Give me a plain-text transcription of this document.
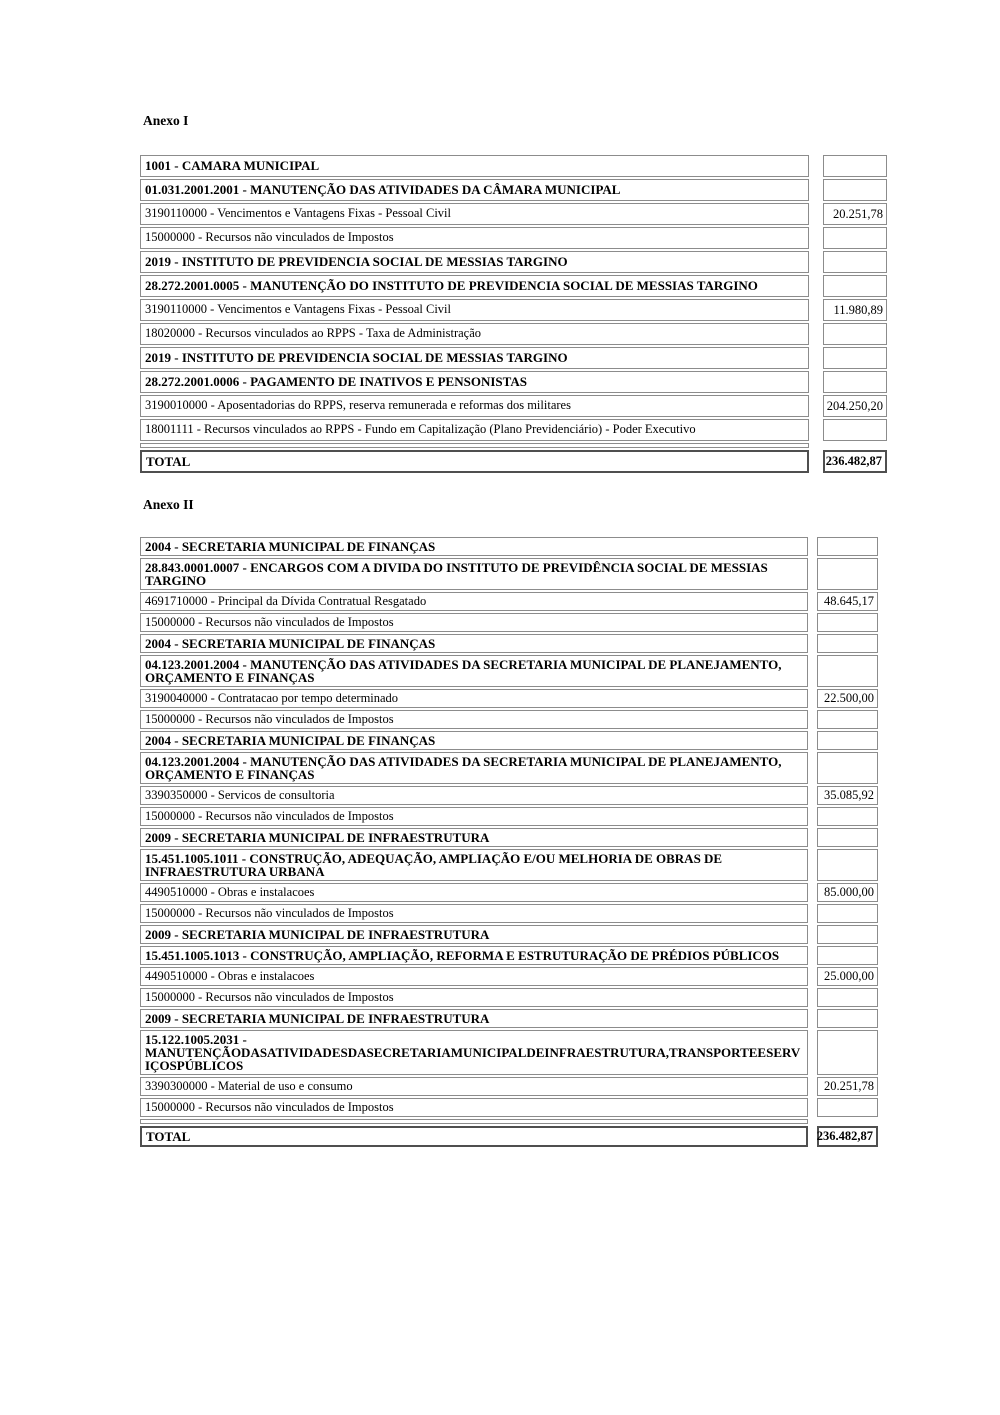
Anexo I
1001 - CAMARA MUNICIPAL
01.031.2001.2001 - MANUTENÇÃO DAS ATIVIDADES DA CÂMARA MUNICIPAL
3190110000 - Vencimentos e Vantagens Fixas - Pessoal Civil	20.251,78
15000000 - Recursos não vinculados de Impostos
2019 - INSTITUTO DE PREVIDENCIA SOCIAL DE MESSIAS TARGINO
28.272.2001.0005 - MANUTENÇÃO DO INSTITUTO DE PREVIDENCIA SOCIAL DE MESSIAS TARGINO
3190110000 - Vencimentos e Vantagens Fixas - Pessoal Civil	11.980,89
18020000 - Recursos vinculados ao RPPS - Taxa de Administração
2019 - INSTITUTO DE PREVIDENCIA SOCIAL DE MESSIAS TARGINO
28.272.2001.0006 - PAGAMENTO DE INATIVOS E PENSONISTAS
3190010000 - Aposentadorias do RPPS, reserva remunerada e reformas dos militares	204.250,20
18001111 - Recursos vinculados ao RPPS - Fundo em Capitalização (Plano Previdenciário) - Poder Executivo
TOTAL	236.482,87
Anexo II
2004 - SECRETARIA MUNICIPAL DE FINANÇAS
28.843.0001.0007 - ENCARGOS COM A DIVIDA DO INSTITUTO DE PREVIDÊNCIA SOCIAL DE MESSIAS TARGINO
4691710000 - Principal da Dívida Contratual Resgatado	48.645,17
15000000 - Recursos não vinculados de Impostos
2004 - SECRETARIA MUNICIPAL DE FINANÇAS
04.123.2001.2004 - MANUTENÇÃO DAS ATIVIDADES DA SECRETARIA MUNICIPAL DE PLANEJAMENTO, ORÇAMENTO E FINANÇAS
3190040000 - Contratacao por tempo determinado	22.500,00
15000000 - Recursos não vinculados de Impostos
2004 - SECRETARIA MUNICIPAL DE FINANÇAS
04.123.2001.2004 - MANUTENÇÃO DAS ATIVIDADES DA SECRETARIA MUNICIPAL DE PLANEJAMENTO, ORÇAMENTO E FINANÇAS
3390350000 - Servicos de consultoria	35.085,92
15000000 - Recursos não vinculados de Impostos
2009 - SECRETARIA MUNICIPAL DE INFRAESTRUTURA
15.451.1005.1011 - CONSTRUÇÃO, ADEQUAÇÃO, AMPLIAÇÃO E/OU MELHORIA DE OBRAS DE INFRAESTRUTURA URBANA
4490510000 - Obras e instalacoes	85.000,00
15000000 - Recursos não vinculados de Impostos
2009 - SECRETARIA MUNICIPAL DE INFRAESTRUTURA
15.451.1005.1013 - CONSTRUÇÃO, AMPLIAÇÃO, REFORMA E ESTRUTURAÇÃO DE PRÉDIOS PÚBLICOS
4490510000 - Obras e instalacoes	25.000,00
15000000 - Recursos não vinculados de Impostos
2009 - SECRETARIA MUNICIPAL DE INFRAESTRUTURA
15.122.1005.2031 - MANUTENÇÃODASATIVIDADESDASECRETARIAMUNICIPALDEINFRAESTRUTURA,TRANSPORTEESERVIÇOSPÚBLICOS
3390300000 - Material de uso e consumo	20.251,78
15000000 - Recursos não vinculados de Impostos
TOTAL	236.482,87
